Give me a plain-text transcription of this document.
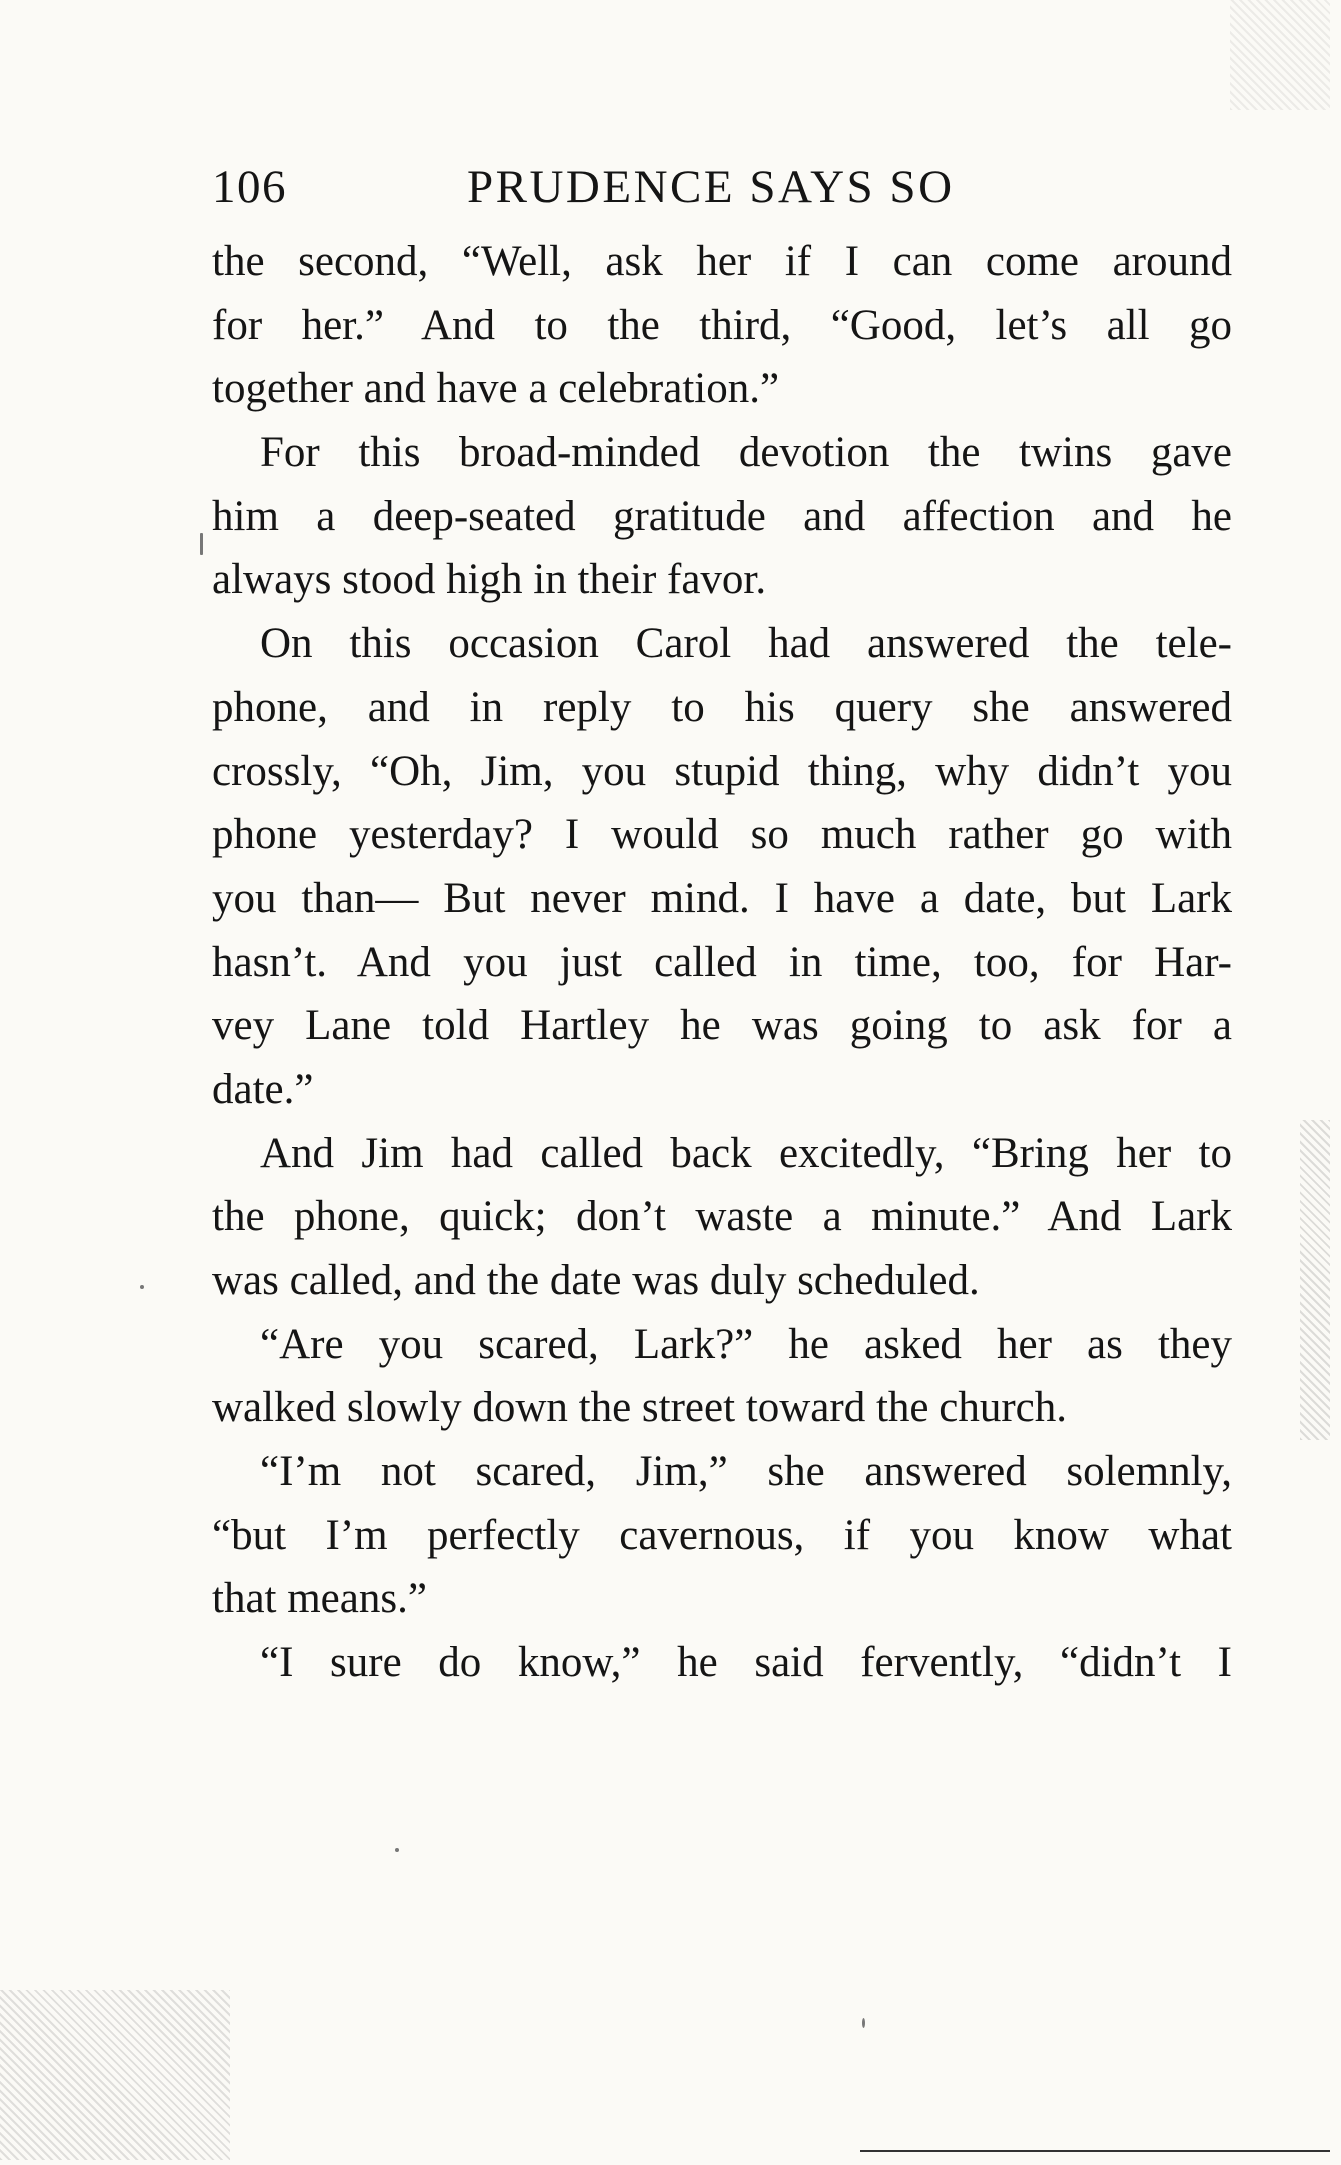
106	PRUDENCE SAYS SO
the second, “Well, ask her if I can come around
for her.” And to the third, “Good, let’s all go
together and have a celebration.”
For this broad-minded devotion the twins gave
him a deep-seated gratitude and affection and he
always stood high in their favor.
On this occasion Carol had answered the tele-
phone, and in reply to his query she answered
crossly, “Oh, Jim, you stupid thing, why didn’t you
phone yesterday? I would so much rather go with
you than— But never mind. I have a date, but Lark
hasn’t. And you just called in time, too, for Har-
vey Lane told Hartley he was going to ask for a
date.”
And Jim had called back excitedly, “Bring her to
the phone, quick; don’t waste a minute.” And Lark
was called, and the date was duly scheduled.
“Are you scared, Lark?” he asked her as they
walked slowly down the street toward the church.
“I’m not scared, Jim,” she answered solemnly,
“but I’m perfectly cavernous, if you know what
that means.”
“I sure do know,” he said fervently, “didn’t I
